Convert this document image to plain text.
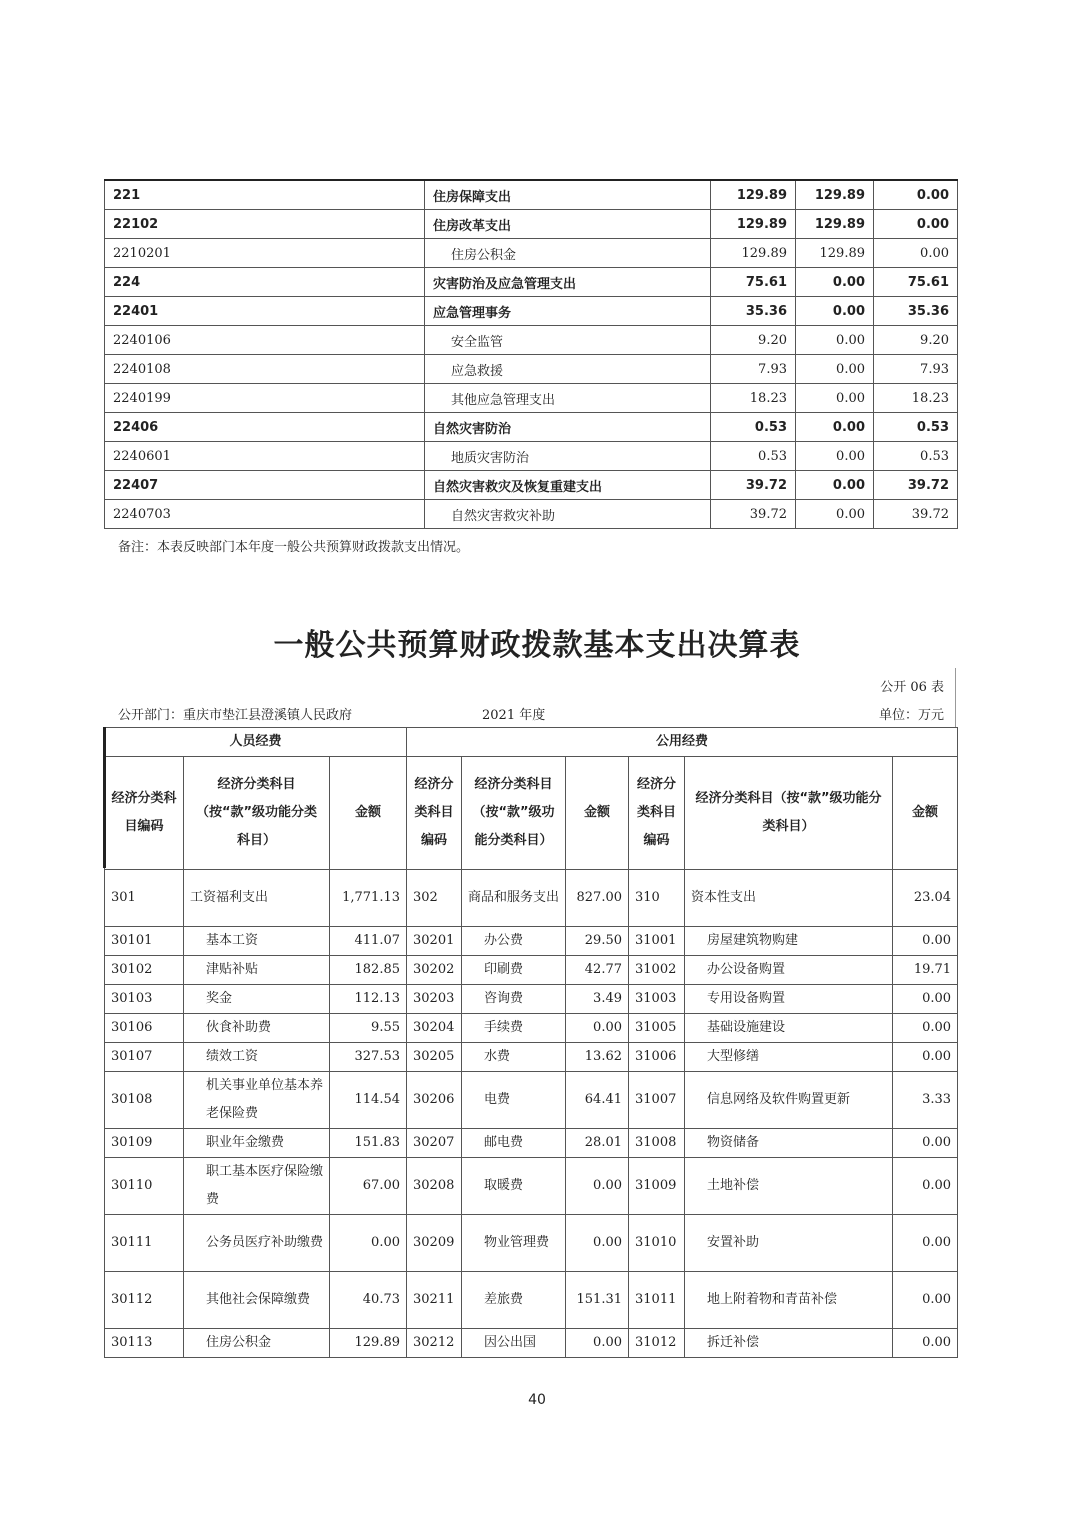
221	住房保障支出	129.89	129.89	0.00
22102	住房改革支出	129.89	129.89	0.00
2210201	住房公积金	129.89	129.89	0.00
224	灾害防治及应急管理支出	75.61	0.00	75.61
22401	应急管理事务	35.36	0.00	35.36
2240106	安全监管	9.20	0.00	9.20
2240108	应急救援	7.93	0.00	7.93
2240199	其他应急管理支出	18.23	0.00	18.23
22406	自然灾害防治	0.53	0.00	0.53
2240601	地质灾害防治	0.53	0.00	0.53
22407	自然灾害救灾及恢复重建支出	39.72	0.00	39.72
2240703	自然灾害救灾补助	39.72	0.00	39.72
备注：本表反映部门本年度一般公共预算财政拨款支出情况。
一般公共预算财政拨款基本支出决算表
公开 06 表
公开部门：重庆市垫江县澄溪镇人民政府	2021 年度	单位：万元
人员经费			公用经费					
经济分类科目编码	经济分类科目（按“款”级功能分类科目）	金额	经济分类科目编码	经济分类科目（按“款”级功能分类科目）	金额	经济分类科目编码	经济分类科目（按“款”级功能分类科目）	金额
301	工资福利支出	1,771.13	302	商品和服务支出	827.00	310	资本性支出	23.04
30101	基本工资	411.07	30201	办公费	29.50	31001	房屋建筑物购建	0.00
30102	津贴补贴	182.85	30202	印刷费	42.77	31002	办公设备购置	19.71
30103	奖金	112.13	30203	咨询费	3.49	31003	专用设备购置	0.00
30106	伙食补助费	9.55	30204	手续费	0.00	31005	基础设施建设	0.00
30107	绩效工资	327.53	30205	水费	13.62	31006	大型修缮	0.00
30108	机关事业单位基本养老保险费	114.54	30206	电费	64.41	31007	信息网络及软件购置更新	3.33
30109	职业年金缴费	151.83	30207	邮电费	28.01	31008	物资储备	0.00
30110	职工基本医疗保险缴费	67.00	30208	取暖费	0.00	31009	土地补偿	0.00
30111	公务员医疗补助缴费	0.00	30209	物业管理费	0.00	31010	安置补助	0.00
30112	其他社会保障缴费	40.73	30211	差旅费	151.31	31011	地上附着物和青苗补偿	0.00
30113	住房公积金	129.89	30212	因公出国	0.00	31012	拆迁补偿	0.00
40
